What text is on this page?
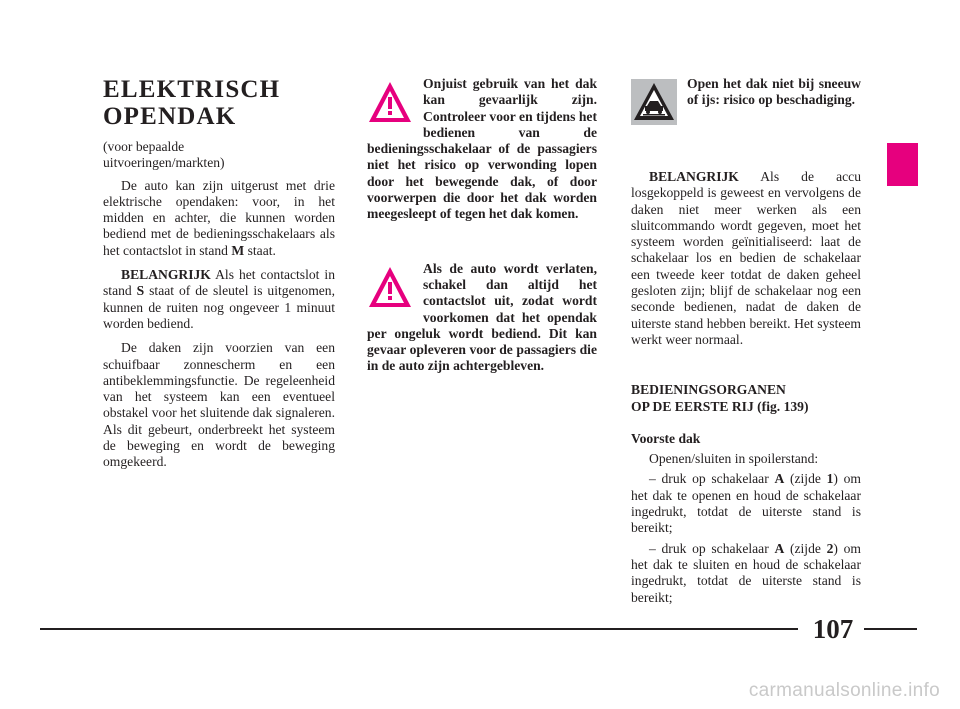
ELEKTRISCH
OPENDAK
(voor bepaalde
uitvoeringen/markten)

De auto kan zijn uitgerust met drie elektrische opendaken: voor, in het midden en achter, die kunnen worden bediend met de bedieningsschakelaars als het contactslot in stand M staat.

BELANGRIJK Als het contactslot in stand S staat of de sleutel is uitgenomen, kunnen de ruiten nog ongeveer 1 minuut worden bediend.

De daken zijn voorzien van een schuifbaar zonnescherm en een antibeklemmingsfunctie. De regeleenheid van het systeem kan een eventueel obstakel voor het sluitende dak signaleren. Als dit gebeurt, onderbreekt het systeem de beweging en wordt de beweging omgekeerd.

Onjuist gebruik van het dak kan gevaarlijk zijn. Controleer voor en tijdens het bedienen van de bedieningsschakelaar of de passagiers niet het risico op verwonding lopen door het bewegende dak, of door voorwerpen die door het dak worden meegesleept of tegen het dak komen.
Als de auto wordt verlaten, schakel dan altijd het contactslot uit, zodat wordt voorkomen dat het opendak per ongeluk wordt bediend. Dit kan gevaar opleveren voor de passagiers die in de auto zijn achtergebleven.
Open het dak niet bij sneeuw of ijs: risico op beschadiging.

BELANGRIJK Als de accu losgekoppeld is geweest en vervolgens de daken niet meer werken als een sluitcommando wordt gegeven, moet het systeem worden geïnitialiseerd: laat de schakelaar los en bedien de schakelaar een tweede keer totdat de daken geheel gesloten zijn; blijf de schakelaar nog een seconde bedienen, nadat de daken de uiterste stand hebben bereikt. Het systeem werkt weer normaal.

BEDIENINGSORGANEN
OP DE EERSTE RIJ (fig. 139)
Voorste dak

Openen/sluiten in spoilerstand:

– druk op schakelaar A (zijde 1) om het dak te openen en houd de schakelaar ingedrukt, totdat de uiterste stand is bereikt;

– druk op schakelaar A (zijde 2) om het dak te sluiten en houd de schakelaar ingedrukt, totdat de uiterste stand is bereikt;

107
carmanualsonline.info
